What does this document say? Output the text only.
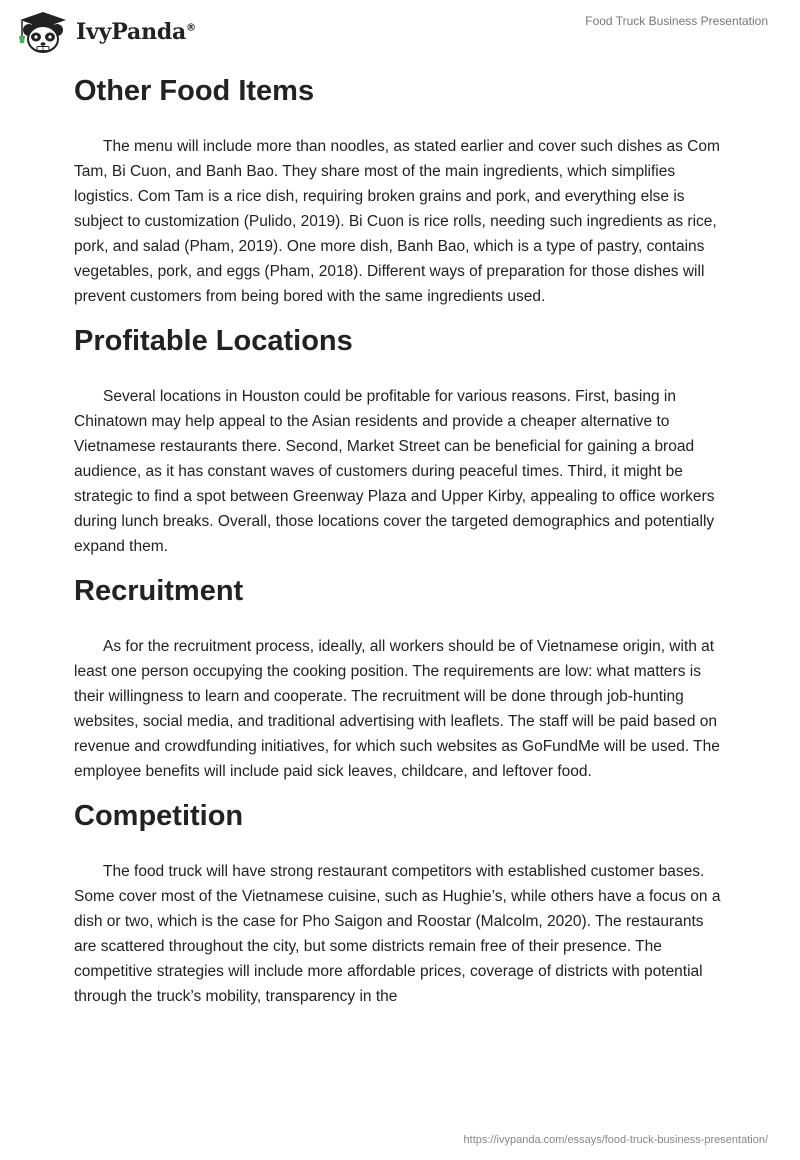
IvyPanda®
Food Truck Business Presentation
Other Food Items

The menu will include more than noodles, as stated earlier and cover such dishes as Com Tam, Bi Cuon, and Banh Bao. They share most of the main ingredients, which simplifies logistics. Com Tam is a rice dish, requiring broken grains and pork, and everything else is subject to customization (Pulido, 2019). Bi Cuon is rice rolls, needing such ingredients as rice, pork, and salad (Pham, 2019). One more dish, Banh Bao, which is a type of pastry, contains vegetables, pork, and eggs (Pham, 2018). Different ways of preparation for those dishes will prevent customers from being bored with the same ingredients used.

Profitable Locations

Several locations in Houston could be profitable for various reasons. First, basing in Chinatown may help appeal to the Asian residents and provide a cheaper alternative to Vietnamese restaurants there. Second, Market Street can be beneficial for gaining a broad audience, as it has constant waves of customers during peaceful times. Third, it might be strategic to find a spot between Greenway Plaza and Upper Kirby, appealing to office workers during lunch breaks. Overall, those locations cover the targeted demographics and potentially expand them.

Recruitment

As for the recruitment process, ideally, all workers should be of Vietnamese origin, with at least one person occupying the cooking position. The requirements are low: what matters is their willingness to learn and cooperate. The recruitment will be done through job-hunting websites, social media, and traditional advertising with leaflets. The staff will be paid based on revenue and crowdfunding initiatives, for which such websites as GoFundMe will be used. The employee benefits will include paid sick leaves, childcare, and leftover food.

Competition

The food truck will have strong restaurant competitors with established customer bases. Some cover most of the Vietnamese cuisine, such as Hughie’s, while others have a focus on a dish or two, which is the case for Pho Saigon and Roostar (Malcolm, 2020). The restaurants are scattered throughout the city, but some districts remain free of their presence. The competitive strategies will include more affordable prices, coverage of districts with potential through the truck’s mobility, transparency in the

https://ivypanda.com/essays/food-truck-business-presentation/
